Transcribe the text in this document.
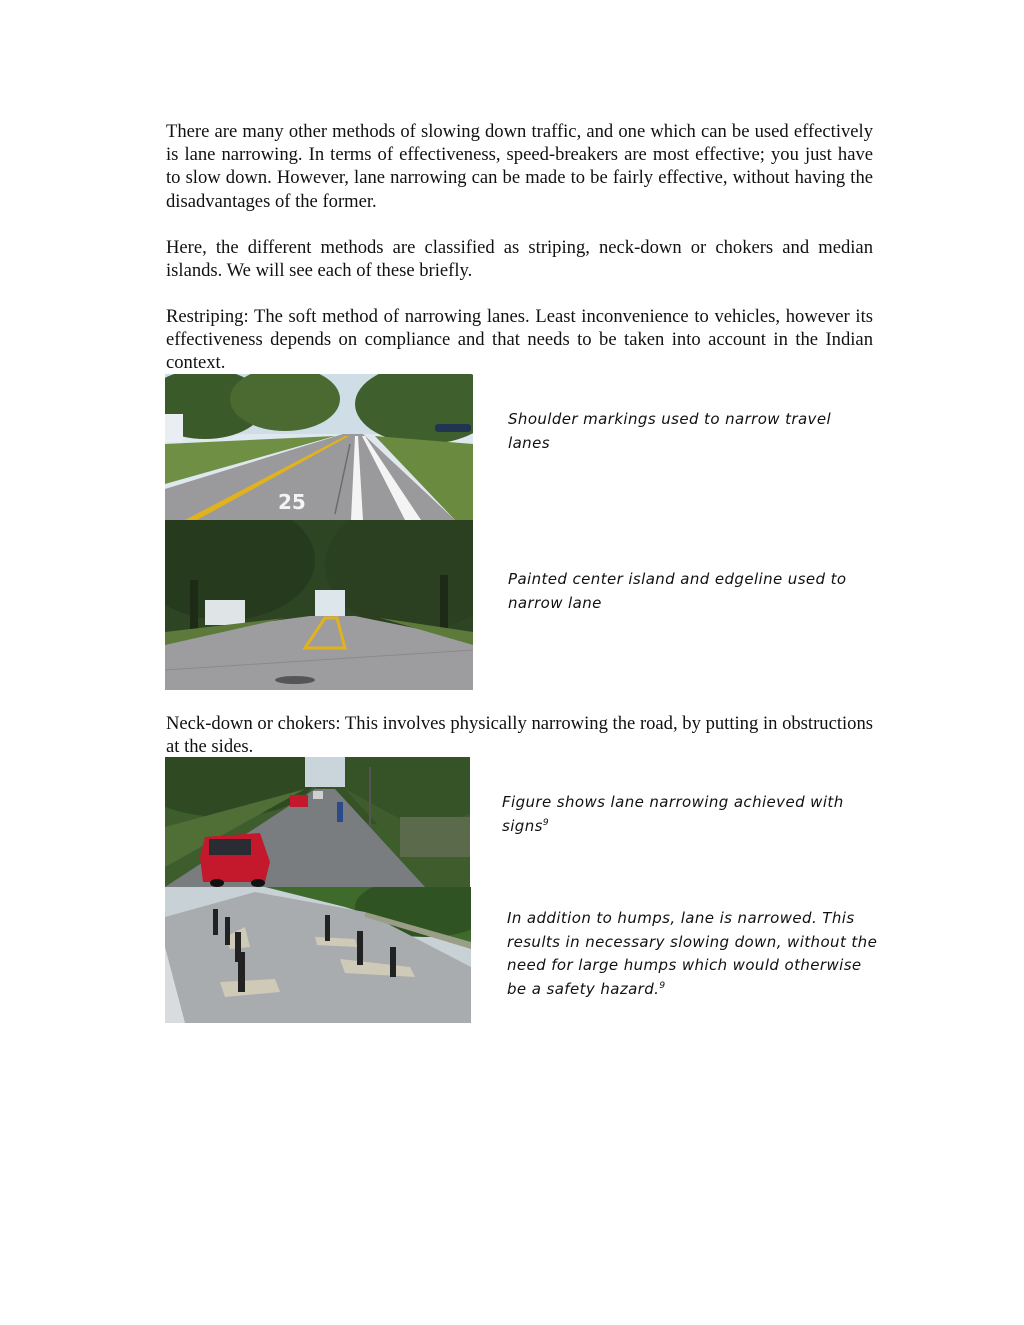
There are many other methods of slowing down traffic, and one which can be used effectively is lane narrowing. In terms of effectiveness, speed-breakers are most effective; you just have to slow down. However, lane narrowing can be made to be fairly effective, without having the disadvantages of the former.

Here, the different methods are classified as striping, neck-down or chokers and median islands. We will see each of these briefly.

Restriping: The soft method of narrowing lanes. Least inconvenience to vehicles, however its effectiveness depends on compliance and that needs to be taken into account in the Indian context.

25

Shoulder markings used to narrow travel lanes

Painted center island and edgeline used to narrow lane

Neck-down or chokers: This involves physically narrowing the road, by putting in obstructions at the sides.

Figure shows lane narrowing achieved with signs$^9$

In addition to humps, lane is narrowed. This results in necessary slowing down, without the need for large humps which would otherwise be a safety hazard.$^9$
